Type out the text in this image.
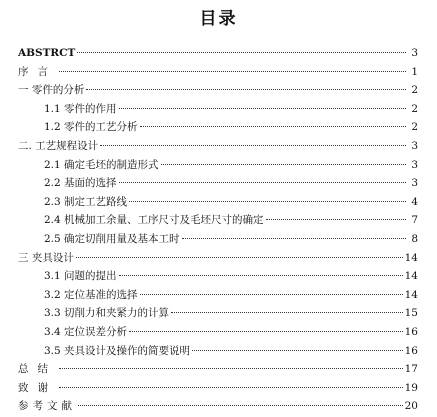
目录
ABSTRCT	3
序言	1
一 零件的分析	2
1.1 零件的作用	2
1.2 零件的工艺分析	2
二. 工艺规程设计	3
2.1 确定毛坯的制造形式	3
2.2 基面的选择	3
2.3 制定工艺路线	4
2.4 机械加工余量、工序尺寸及毛坯尺寸的确定	7
2.5 确定切削用量及基本工时	8
三 夹具设计	14
3.1 问题的提出	14
3.2 定位基准的选择	14
3.3 切削力和夹紧力的计算	15
3.4 定位误差分析	16
3.5 夹具设计及操作的简要说明	16
总结	17
致谢	19
参考文献	20
